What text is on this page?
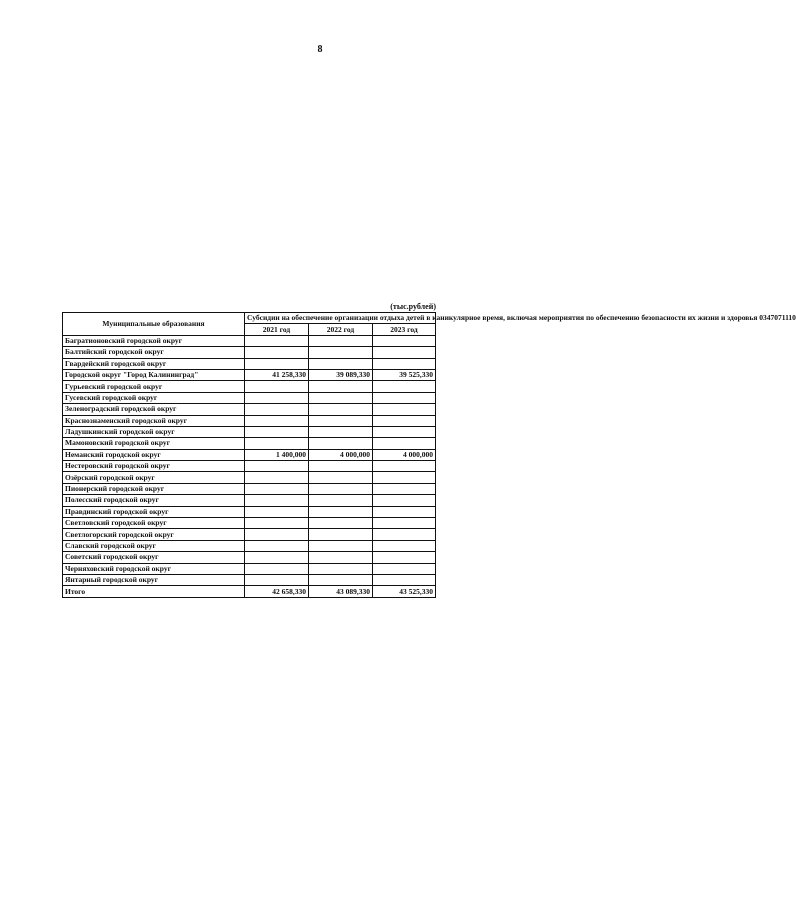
8
(тыс.рублей)
Муниципальные образования	Субсидии на обеспечение организации отдыха детей в каникулярное время, включая мероприятия по обеспечению безопасности их жизни и здоровья 0347071110		
	2021 год	2022 год	2023 год
Багратионовский городской округ			
Балтийский городской округ			
Гвардейский городской округ			
Городской округ "Город Калининград"	41 258,330	39 089,330	39 525,330
Гурьевский городской округ			
Гусевский городской округ			
Зеленоградский городской округ			
Краснознаменский городской округ			
Ладушкинский городской округ			
Мамоновский городской округ			
Неманский городской округ	1 400,000	4 000,000	4 000,000
Нестеровский городской округ			
Озёрский городской округ			
Пионерский городской округ			
Полесский городской округ			
Правдинский городской округ			
Светловский городской округ			
Светлогорский городской округ			
Славский городской округ			
Советский городской округ			
Черняховский городской округ			
Янтарный городской округ			
Итого	42 658,330	43 089,330	43 525,330
